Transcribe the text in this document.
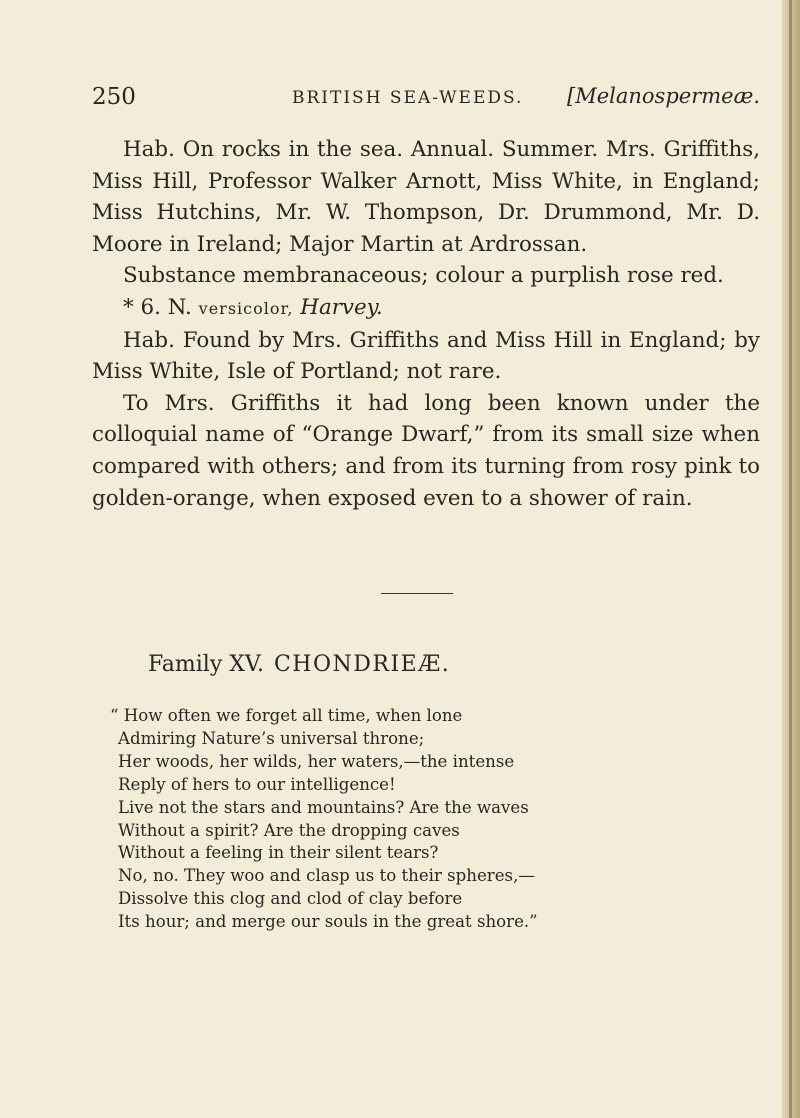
250	BRITISH SEA-WEEDS. [Melanospermeæ.

Hab. On rocks in the sea. Annual. Summer. Mrs. Griffiths, Miss Hill, Professor Walker Arnott, Miss White, in England; Miss Hutchins, Mr. W. Thompson, Dr. Drummond, Mr. D. Moore in Ireland; Major Martin at Ardrossan.

Substance membranaceous; colour a purplish rose red.

* 6. N. versicolor, Harvey.

Hab. Found by Mrs. Griffiths and Miss Hill in England; by Miss White, Isle of Portland; not rare.

To Mrs. Griffiths it had long been known under the colloquial name of “Orange Dwarf,” from its small size when compared with others; and from its turning from rosy pink to golden-orange, when exposed even to a shower of rain.

Family XV. CHONDRIEÆ.
“ How often we forget all time, when lone
Admiring Nature’s universal throne;
Her woods, her wilds, her waters,—the intense
Reply of hers to our intelligence!
Live not the stars and mountains? Are the waves
Without a spirit? Are the dropping caves
Without a feeling in their silent tears?
No, no. They woo and clasp us to their spheres,—
Dissolve this clog and clod of clay before
Its hour; and merge our souls in the great shore.”
